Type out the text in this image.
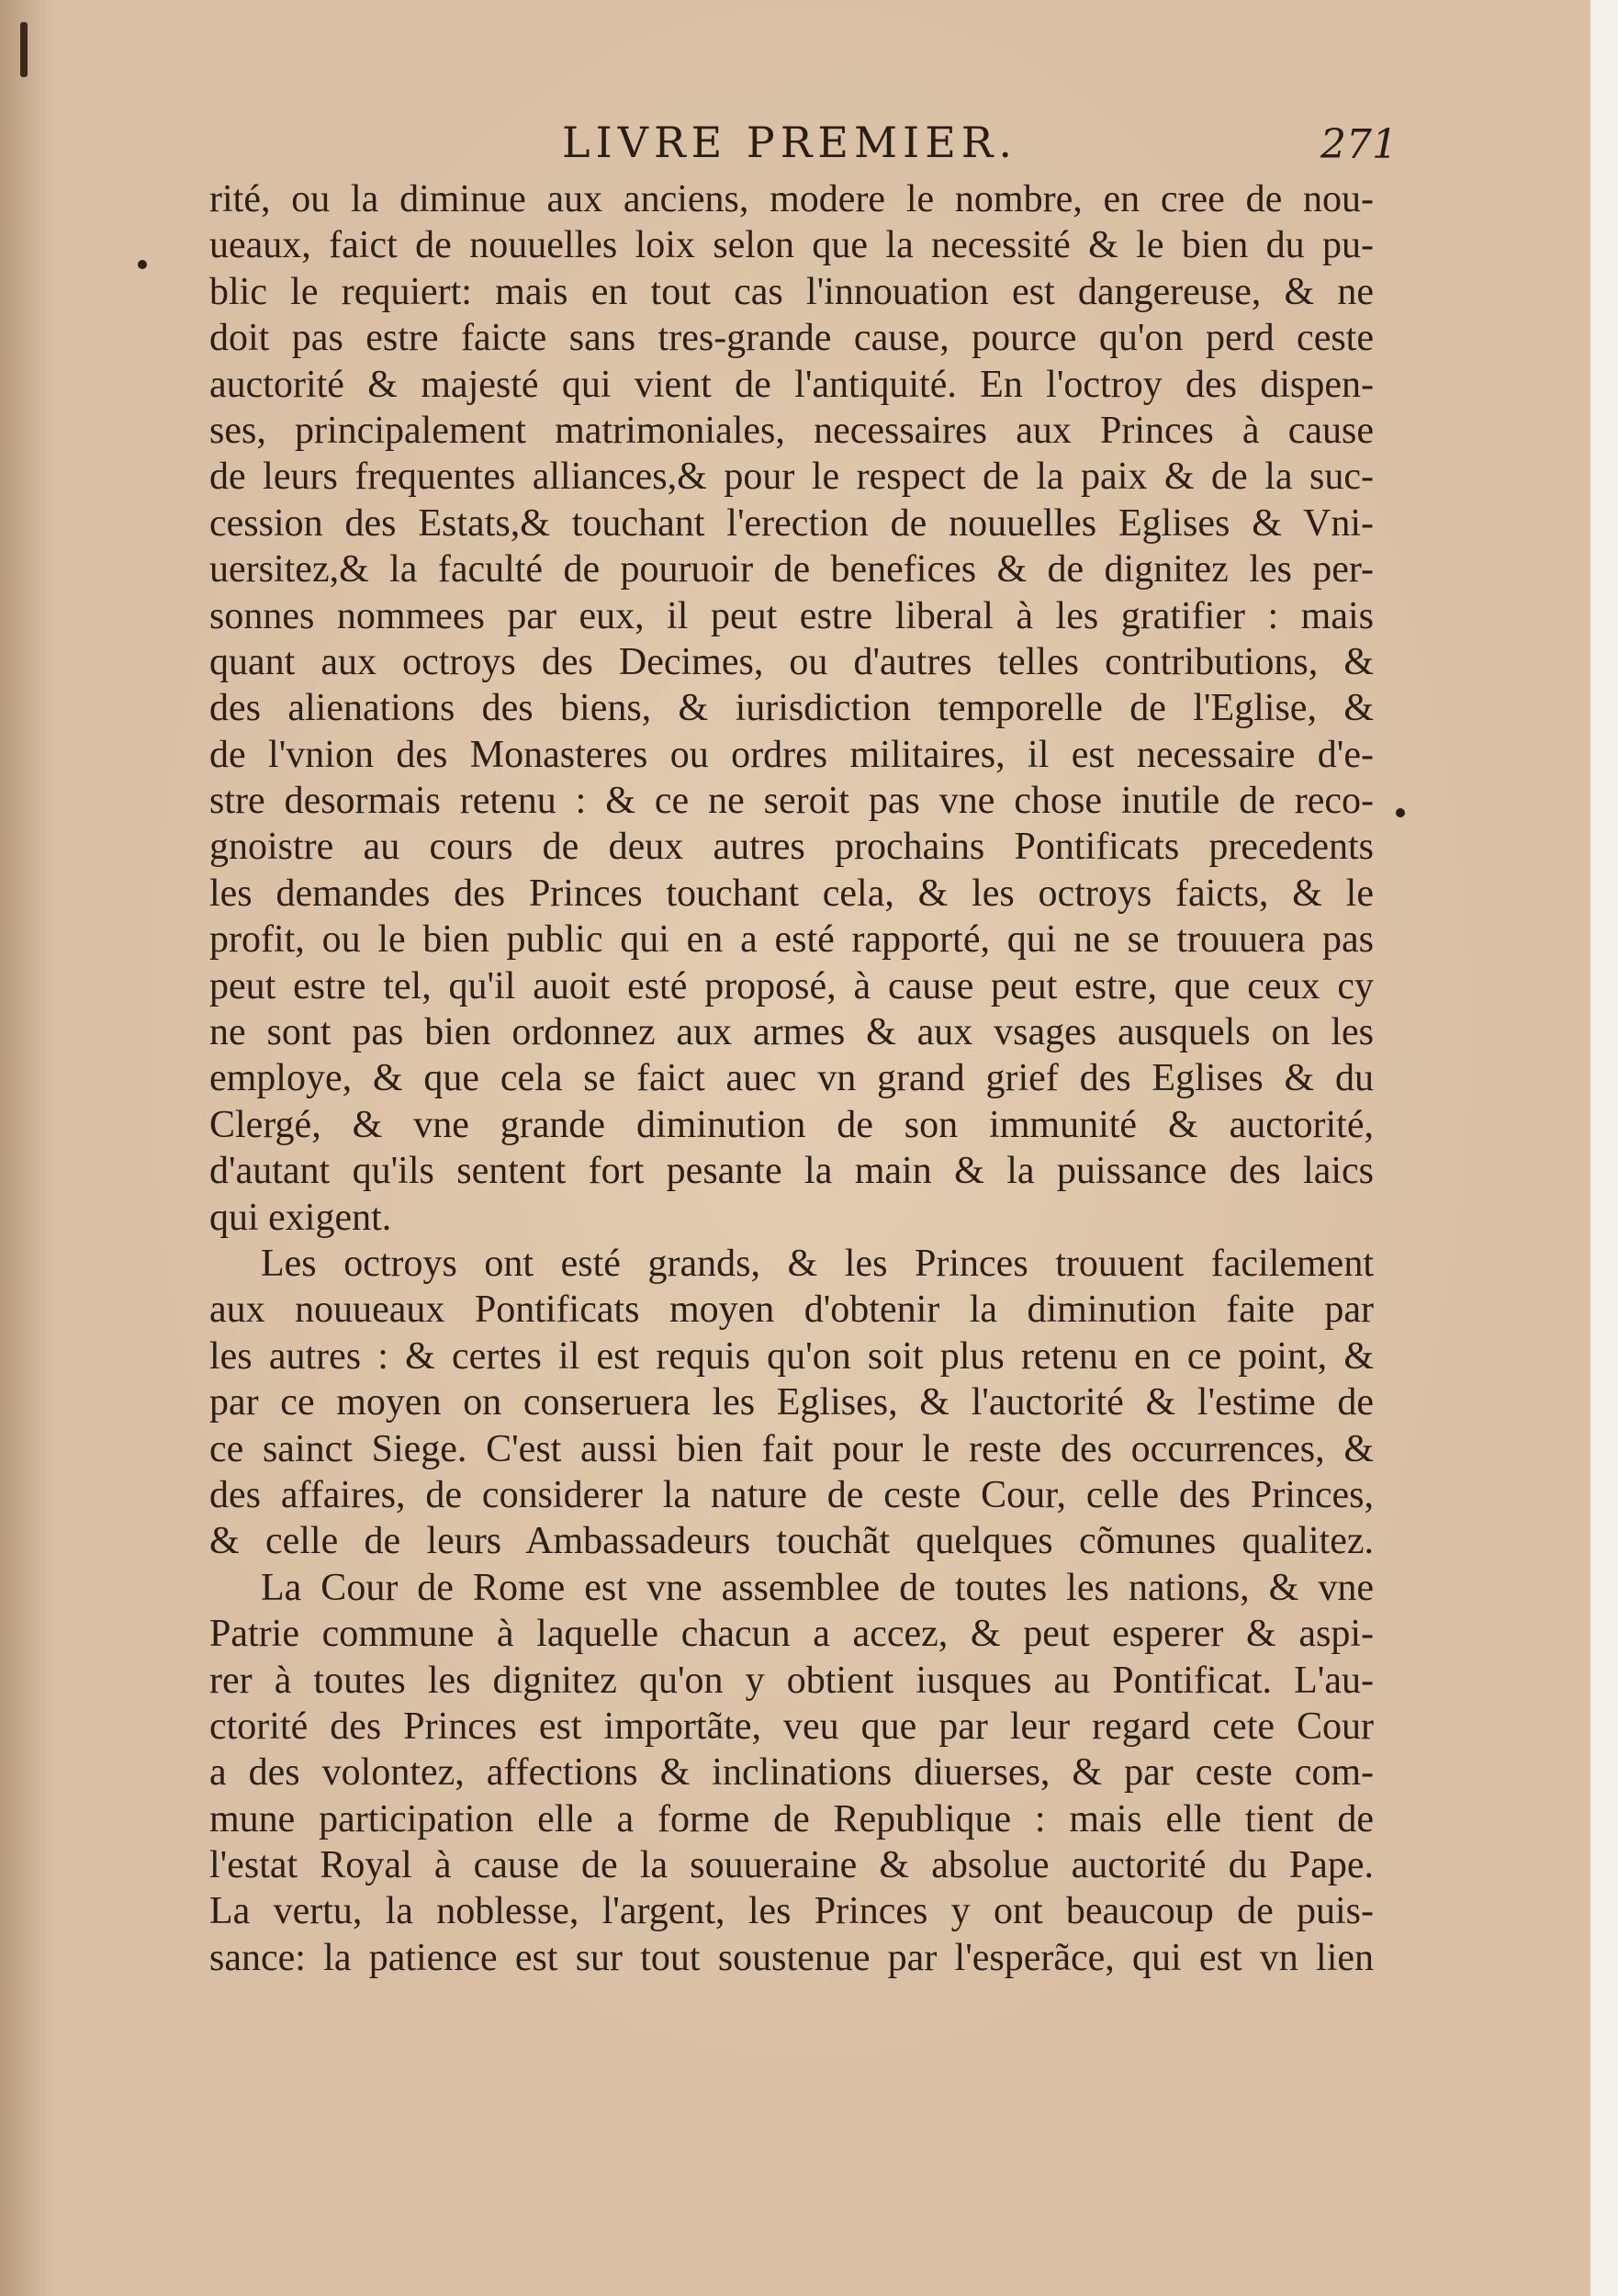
LIVRE PREMIER.	271
rité, ou la diminue aux anciens, modere le nombre, en cree de nou-
ueaux, faict de nouuelles loix selon que la necessité & le bien du pu-
blic le requiert: mais en tout cas l'innouation est dangereuse, & ne
doit pas estre faicte sans tres-grande cause, pource qu'on perd ceste
auctorité & majesté qui vient de l'antiquité. En l'octroy des dispen-
ses, principalement matrimoniales, necessaires aux Princes à cause
de leurs frequentes alliances,& pour le respect de la paix & de la suc-
cession des Estats,& touchant l'erection de nouuelles Eglises & Vni-
uersitez,& la faculté de pouruoir de benefices & de dignitez les per-
sonnes nommees par eux, il peut estre liberal à les gratifier : mais
quant aux octroys des Decimes, ou d'autres telles contributions, &
des alienations des biens, & iurisdiction temporelle de l'Eglise, &
de l'vnion des Monasteres ou ordres militaires, il est necessaire d'e-
stre desormais retenu : & ce ne seroit pas vne chose inutile de reco-
gnoistre au cours de deux autres prochains Pontificats precedents
les demandes des Princes touchant cela, & les octroys faicts, & le
profit, ou le bien public qui en a esté rapporté, qui ne se trouuera pas
peut estre tel, qu'il auoit esté proposé, à cause peut estre, que ceux cy
ne sont pas bien ordonnez aux armes & aux vsages ausquels on les
employe, & que cela se faict auec vn grand grief des Eglises & du
Clergé, & vne grande diminution de son immunité & auctorité,
d'autant qu'ils sentent fort pesante la main & la puissance des laics
qui exigent.
Les octroys ont esté grands, & les Princes trouuent facilement
aux nouueaux Pontificats moyen d'obtenir la diminution faite par
les autres : & certes il est requis qu'on soit plus retenu en ce point, &
par ce moyen on conseruera les Eglises, & l'auctorité & l'estime de
ce sainct Siege. C'est aussi bien fait pour le reste des occurrences, &
des affaires, de considerer la nature de ceste Cour, celle des Princes,
& celle de leurs Ambassadeurs touchãt quelques cõmunes qualitez.
La Cour de Rome est vne assemblee de toutes les nations, & vne
Patrie commune à laquelle chacun a accez, & peut esperer & aspi-
rer à toutes les dignitez qu'on y obtient iusques au Pontificat. L'au-
ctorité des Princes est importãte, veu que par leur regard cete Cour
a des volontez, affections & inclinations diuerses, & par ceste com-
mune participation elle a forme de Republique : mais elle tient de
l'estat Royal à cause de la souueraine & absolue auctorité du Pape.
La vertu, la noblesse, l'argent, les Princes y ont beaucoup de puis-
sance: la patience est sur tout soustenue par l'esperãce, qui est vn lien
